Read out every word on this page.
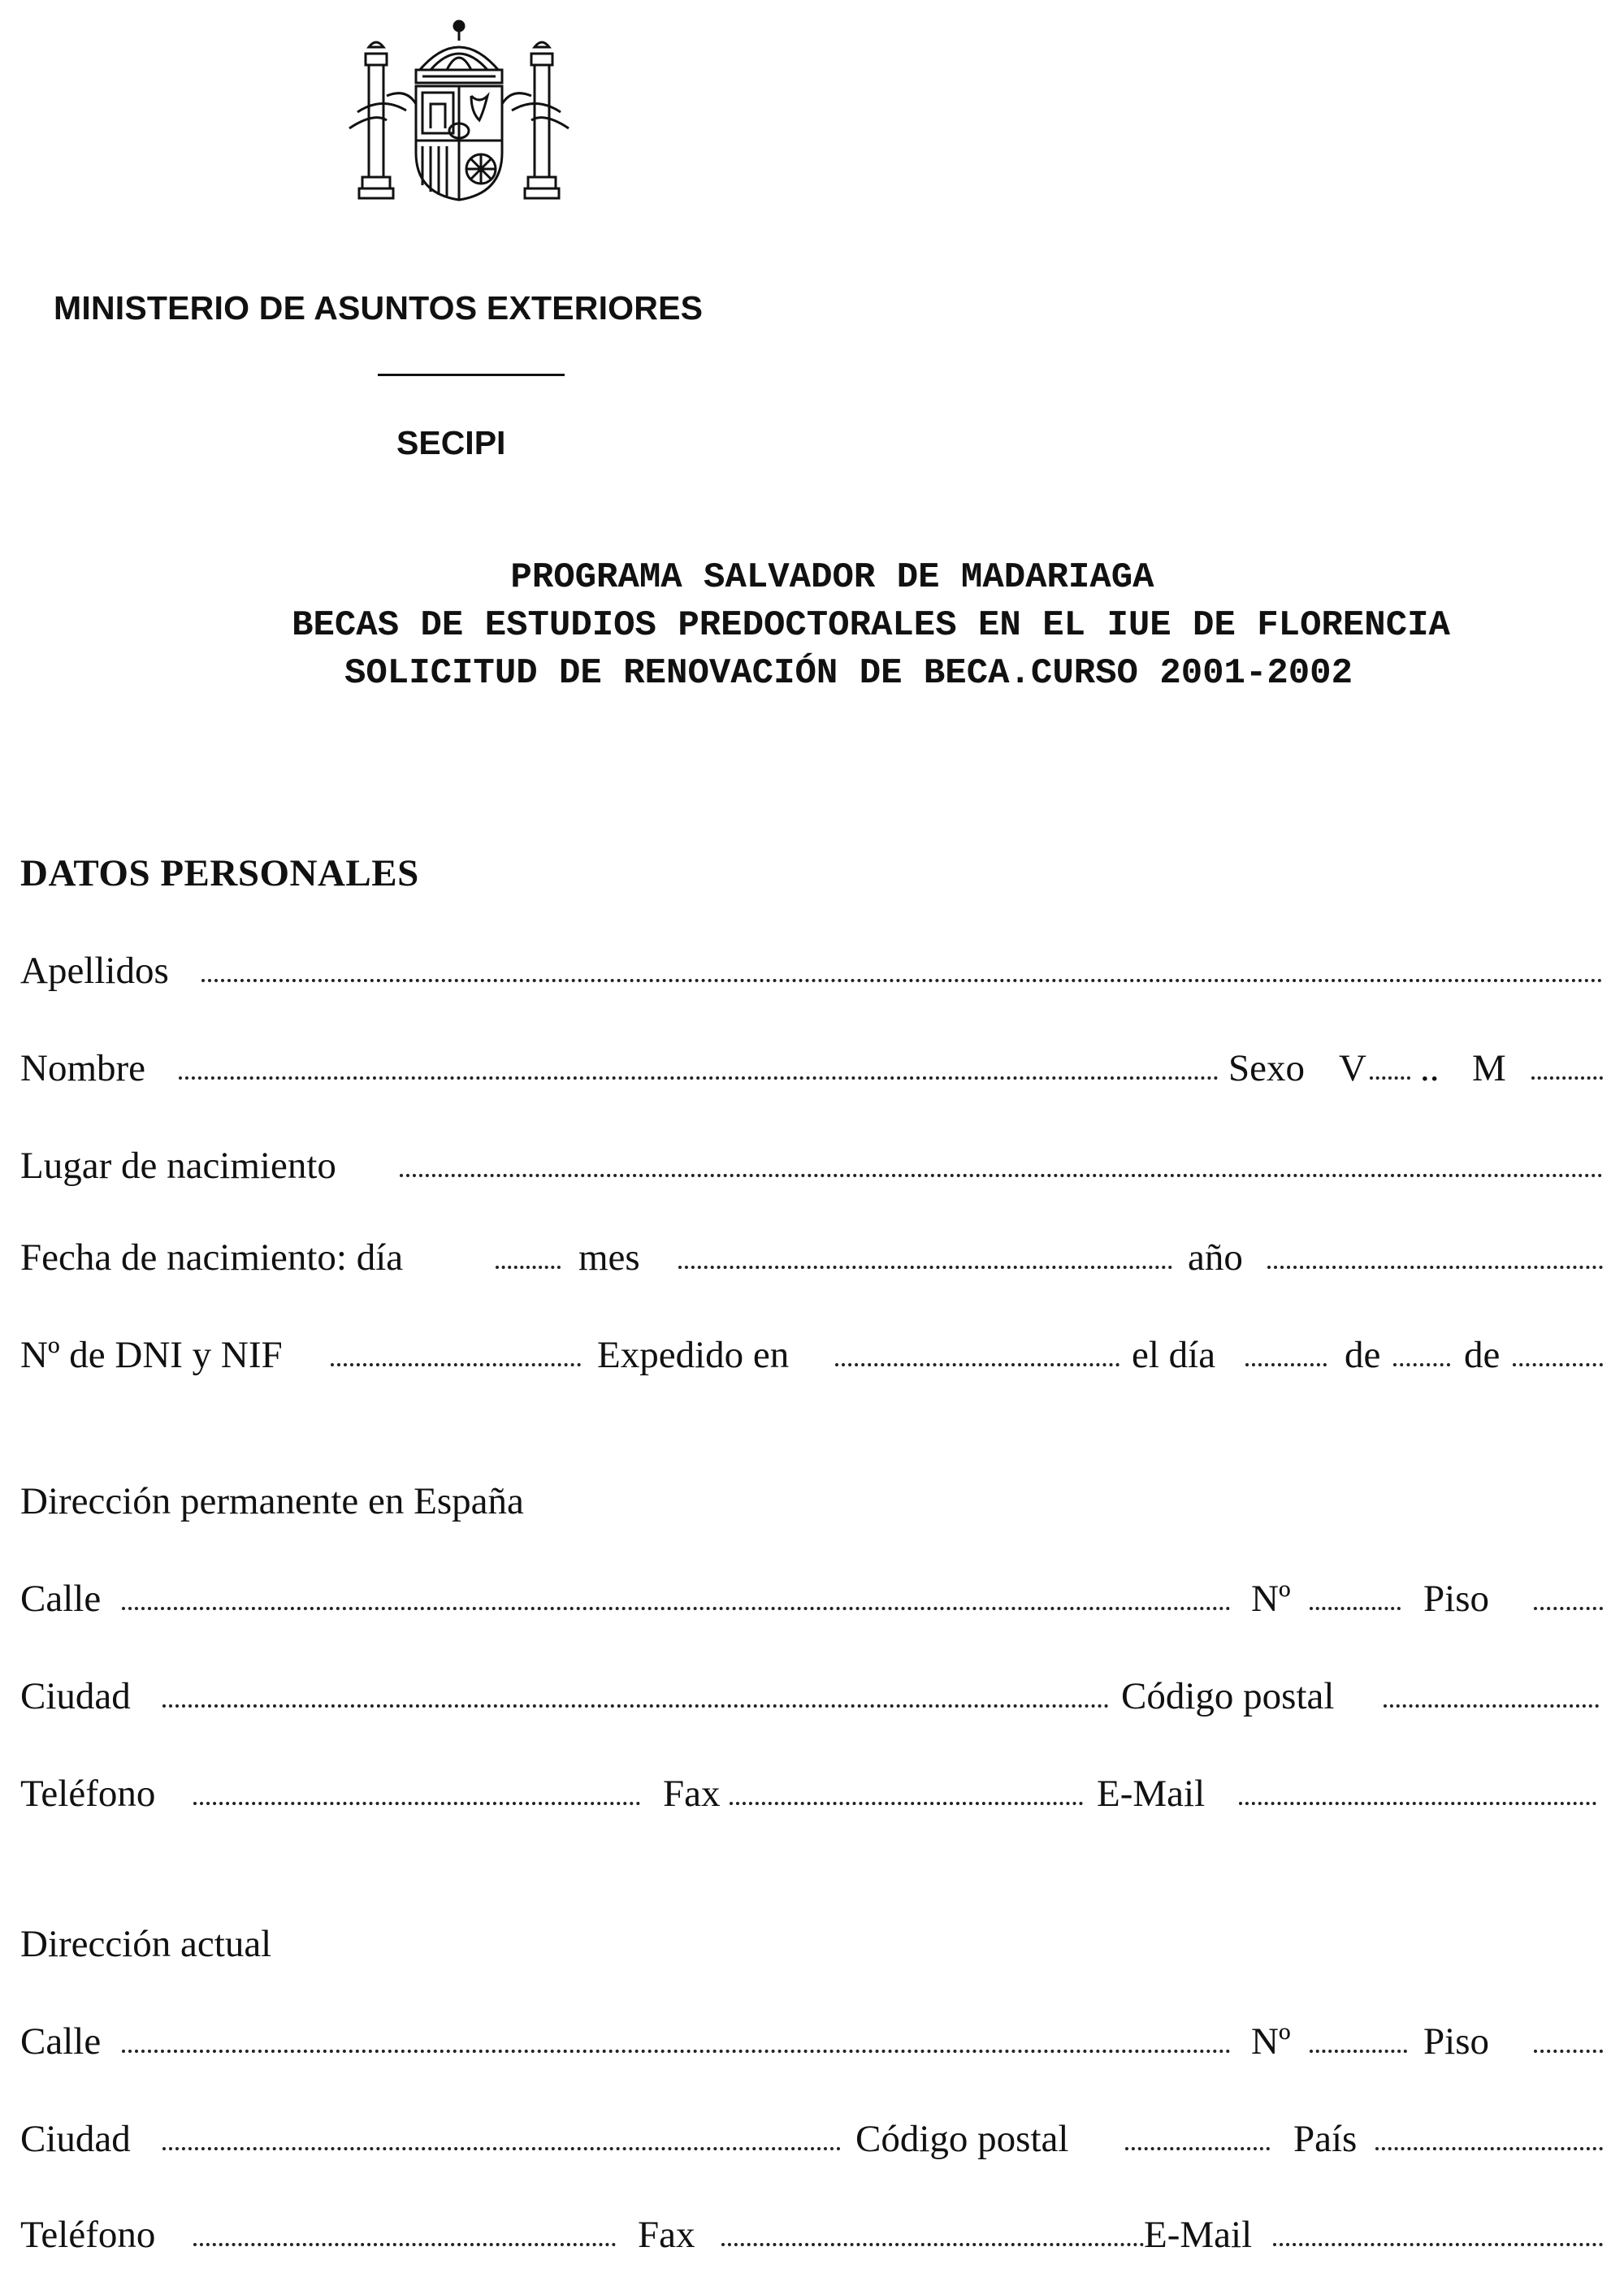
MINISTERIO DE ASUNTOS EXTERIORES
SECIPI
PROGRAMA SALVADOR DE MADARIAGA
BECAS DE ESTUDIOS PREDOCTORALES EN EL IUE DE FLORENCIA
SOLICITUD DE RENOVACIÓN DE BECA.CURSO 2001-2002
DATOS PERSONALES
Apellidos
Nombre	Sexo V .. M
Lugar de nacimiento
Fecha de nacimiento: día	mes	año
Nº de DNI y NIF	Expedido en	el día	de de
Dirección permanente en España
Calle	Nº	Piso
Ciudad	Código postal
Teléfono	Fax	E-Mail
Dirección actual
Calle	Nº	Piso
Ciudad	Código postal	País
Teléfono	Fax	E-Mail
